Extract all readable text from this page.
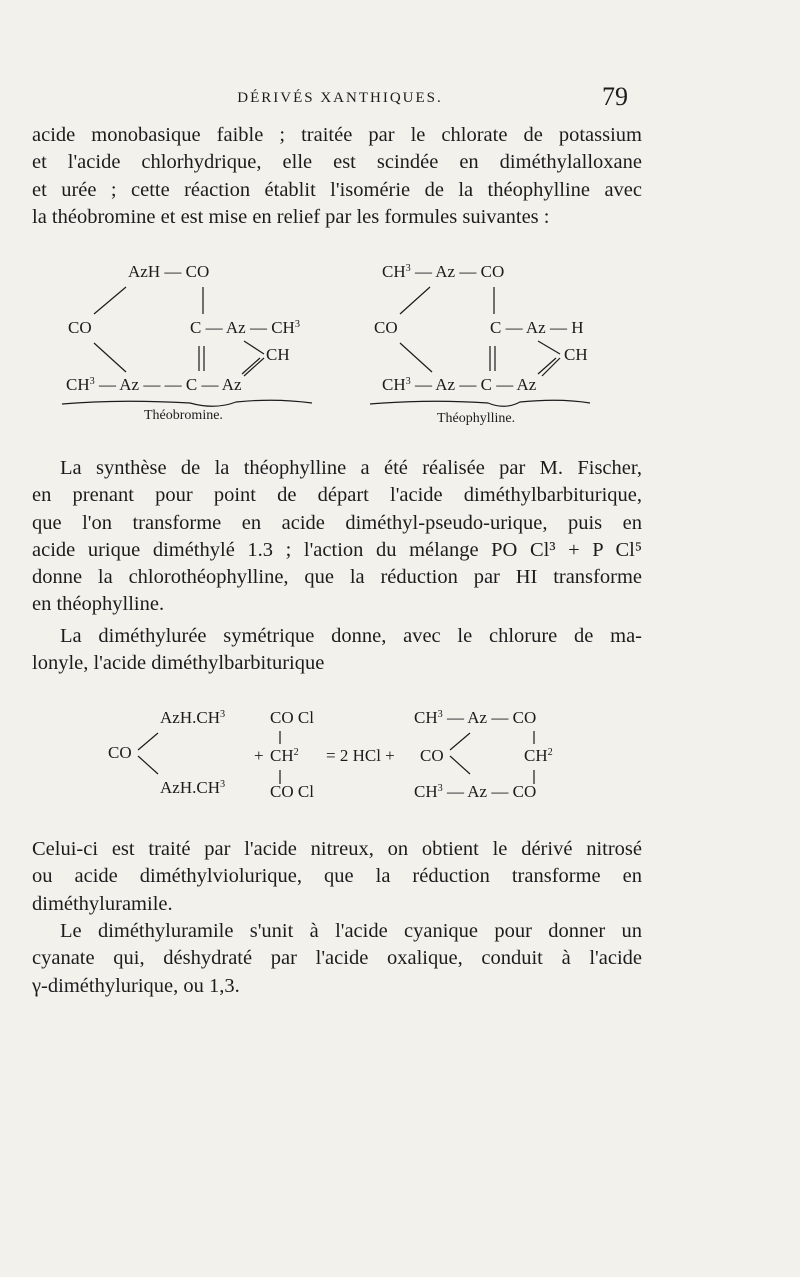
DÉRIVÉS XANTHIQUES.	79
acide monobasique faible ; traitée par le chlorate de potassium
et l'acide chlorhydrique, elle est scindée en diméthylalloxane
et urée ; cette réaction établit l'isomérie de la théophylline avec
la théobromine et est mise en relief par les formules suivantes :
AzH — CO
CO	C — Az — $CH^3$
CH
$CH^3$ — Az — — C — Az
Théobromine.
$CH^3$ — Az — CO
CO	C — Az — H
CH
$CH^3$ — Az — C — Az
Théophylline.
La synthèse de la théophylline a été réalisée par M. Fischer,
en prenant pour point de départ l'acide diméthylbarbiturique,
que l'on transforme en acide diméthyl-pseudo-urique, puis en
acide urique diméthylé 1.3 ; l'action du mélange PO Cl³ + P Cl⁵
donne la chlorothéophylline, que la réduction par HI transforme
en théophylline.
La diméthylurée symétrique donne, avec le chlorure de ma-
lonyle, l'acide diméthylbarbiturique
$AzH.CH^3$
CO
$AzH.CH^3$
CO Cl
+ $CH^2$
CO Cl
= 2 HCl + CO
$CH^3$ — Az — CO
$CH^2$
$CH^3$ — Az — CO
Celui-ci est traité par l'acide nitreux, on obtient le dérivé nitrosé
ou acide diméthylviolurique, que la réduction transforme en
diméthyluramile.
Le diméthyluramile s'unit à l'acide cyanique pour donner un
cyanate qui, déshydraté par l'acide oxalique, conduit à l'acide
γ-diméthylurique, ou 1,3.
